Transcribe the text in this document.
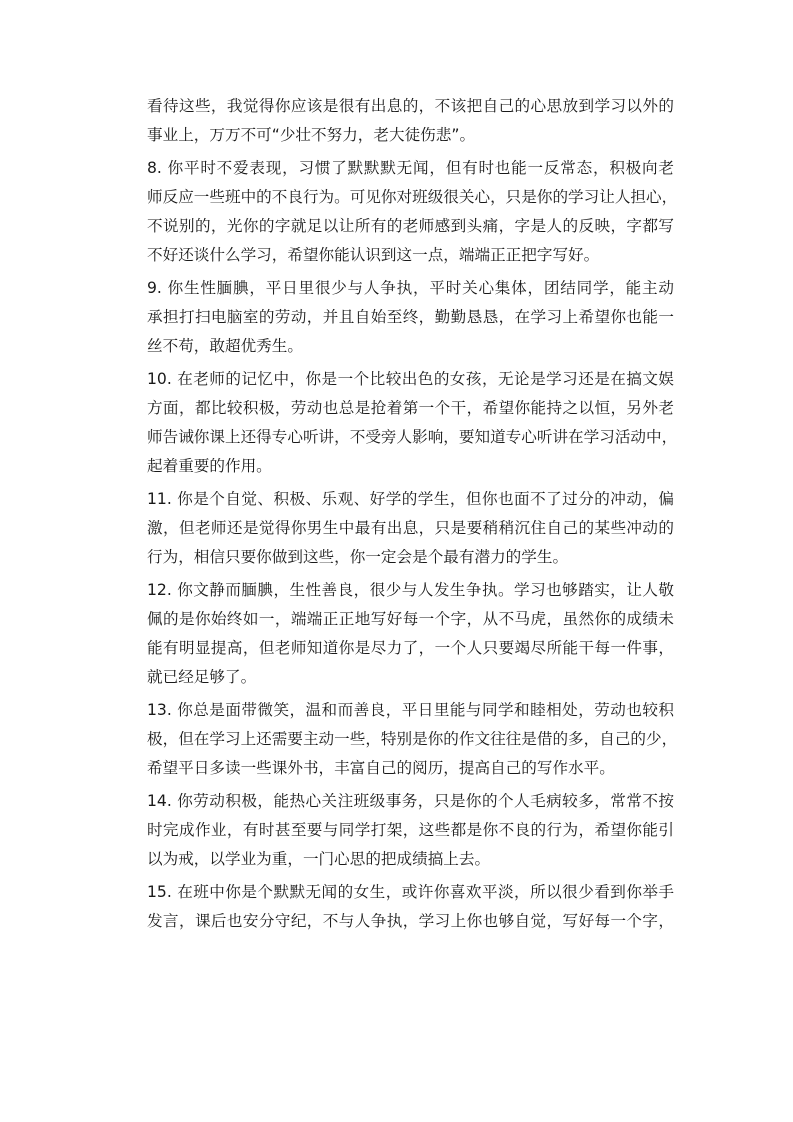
看待这些，我觉得你应该是很有出息的，不该把自己的心思放到学习以外的
事业上，万万不可“少壮不努力，老大徒伤悲”。
8. 你平时不爱表现，习惯了默默默无闻，但有时也能一反常态，积极向老
师反应一些班中的不良行为。可见你对班级很关心，只是你的学习让人担心，
不说别的，光你的字就足以让所有的老师感到头痛，字是人的反映，字都写
不好还谈什么学习，希望你能认识到这一点，端端正正把字写好。
9. 你生性腼腆，平日里很少与人争执，平时关心集体，团结同学，能主动
承担打扫电脑室的劳动，并且自始至终，勤勤恳恳，在学习上希望你也能一
丝不苟，敢超优秀生。
10. 在老师的记忆中，你是一个比较出色的女孩，无论是学习还是在搞文娱
方面，都比较积极，劳动也总是抢着第一个干，希望你能持之以恒，另外老
师告诫你课上还得专心听讲，不受旁人影响，要知道专心听讲在学习活动中，
起着重要的作用。
11. 你是个自觉、积极、乐观、好学的学生，但你也面不了过分的冲动，偏
激，但老师还是觉得你男生中最有出息，只是要稍稍沉住自己的某些冲动的
行为，相信只要你做到这些，你一定会是个最有潜力的学生。
12. 你文静而腼腆，生性善良，很少与人发生争执。学习也够踏实，让人敬
佩的是你始终如一，端端正正地写好每一个字，从不马虎，虽然你的成绩未
能有明显提高，但老师知道你是尽力了，一个人只要竭尽所能干每一件事，
就已经足够了。
13. 你总是面带微笑，温和而善良，平日里能与同学和睦相处，劳动也较积
极，但在学习上还需要主动一些，特别是你的作文往往是借的多，自己的少，
希望平日多读一些课外书，丰富自己的阅历，提高自己的写作水平。
14. 你劳动积极，能热心关注班级事务，只是你的个人毛病较多，常常不按
时完成作业，有时甚至要与同学打架，这些都是你不良的行为，希望你能引
以为戒，以学业为重，一门心思的把成绩搞上去。
15. 在班中你是个默默无闻的女生，或许你喜欢平淡，所以很少看到你举手
发言，课后也安分守纪，不与人争执，学习上你也够自觉，写好每一个字，
